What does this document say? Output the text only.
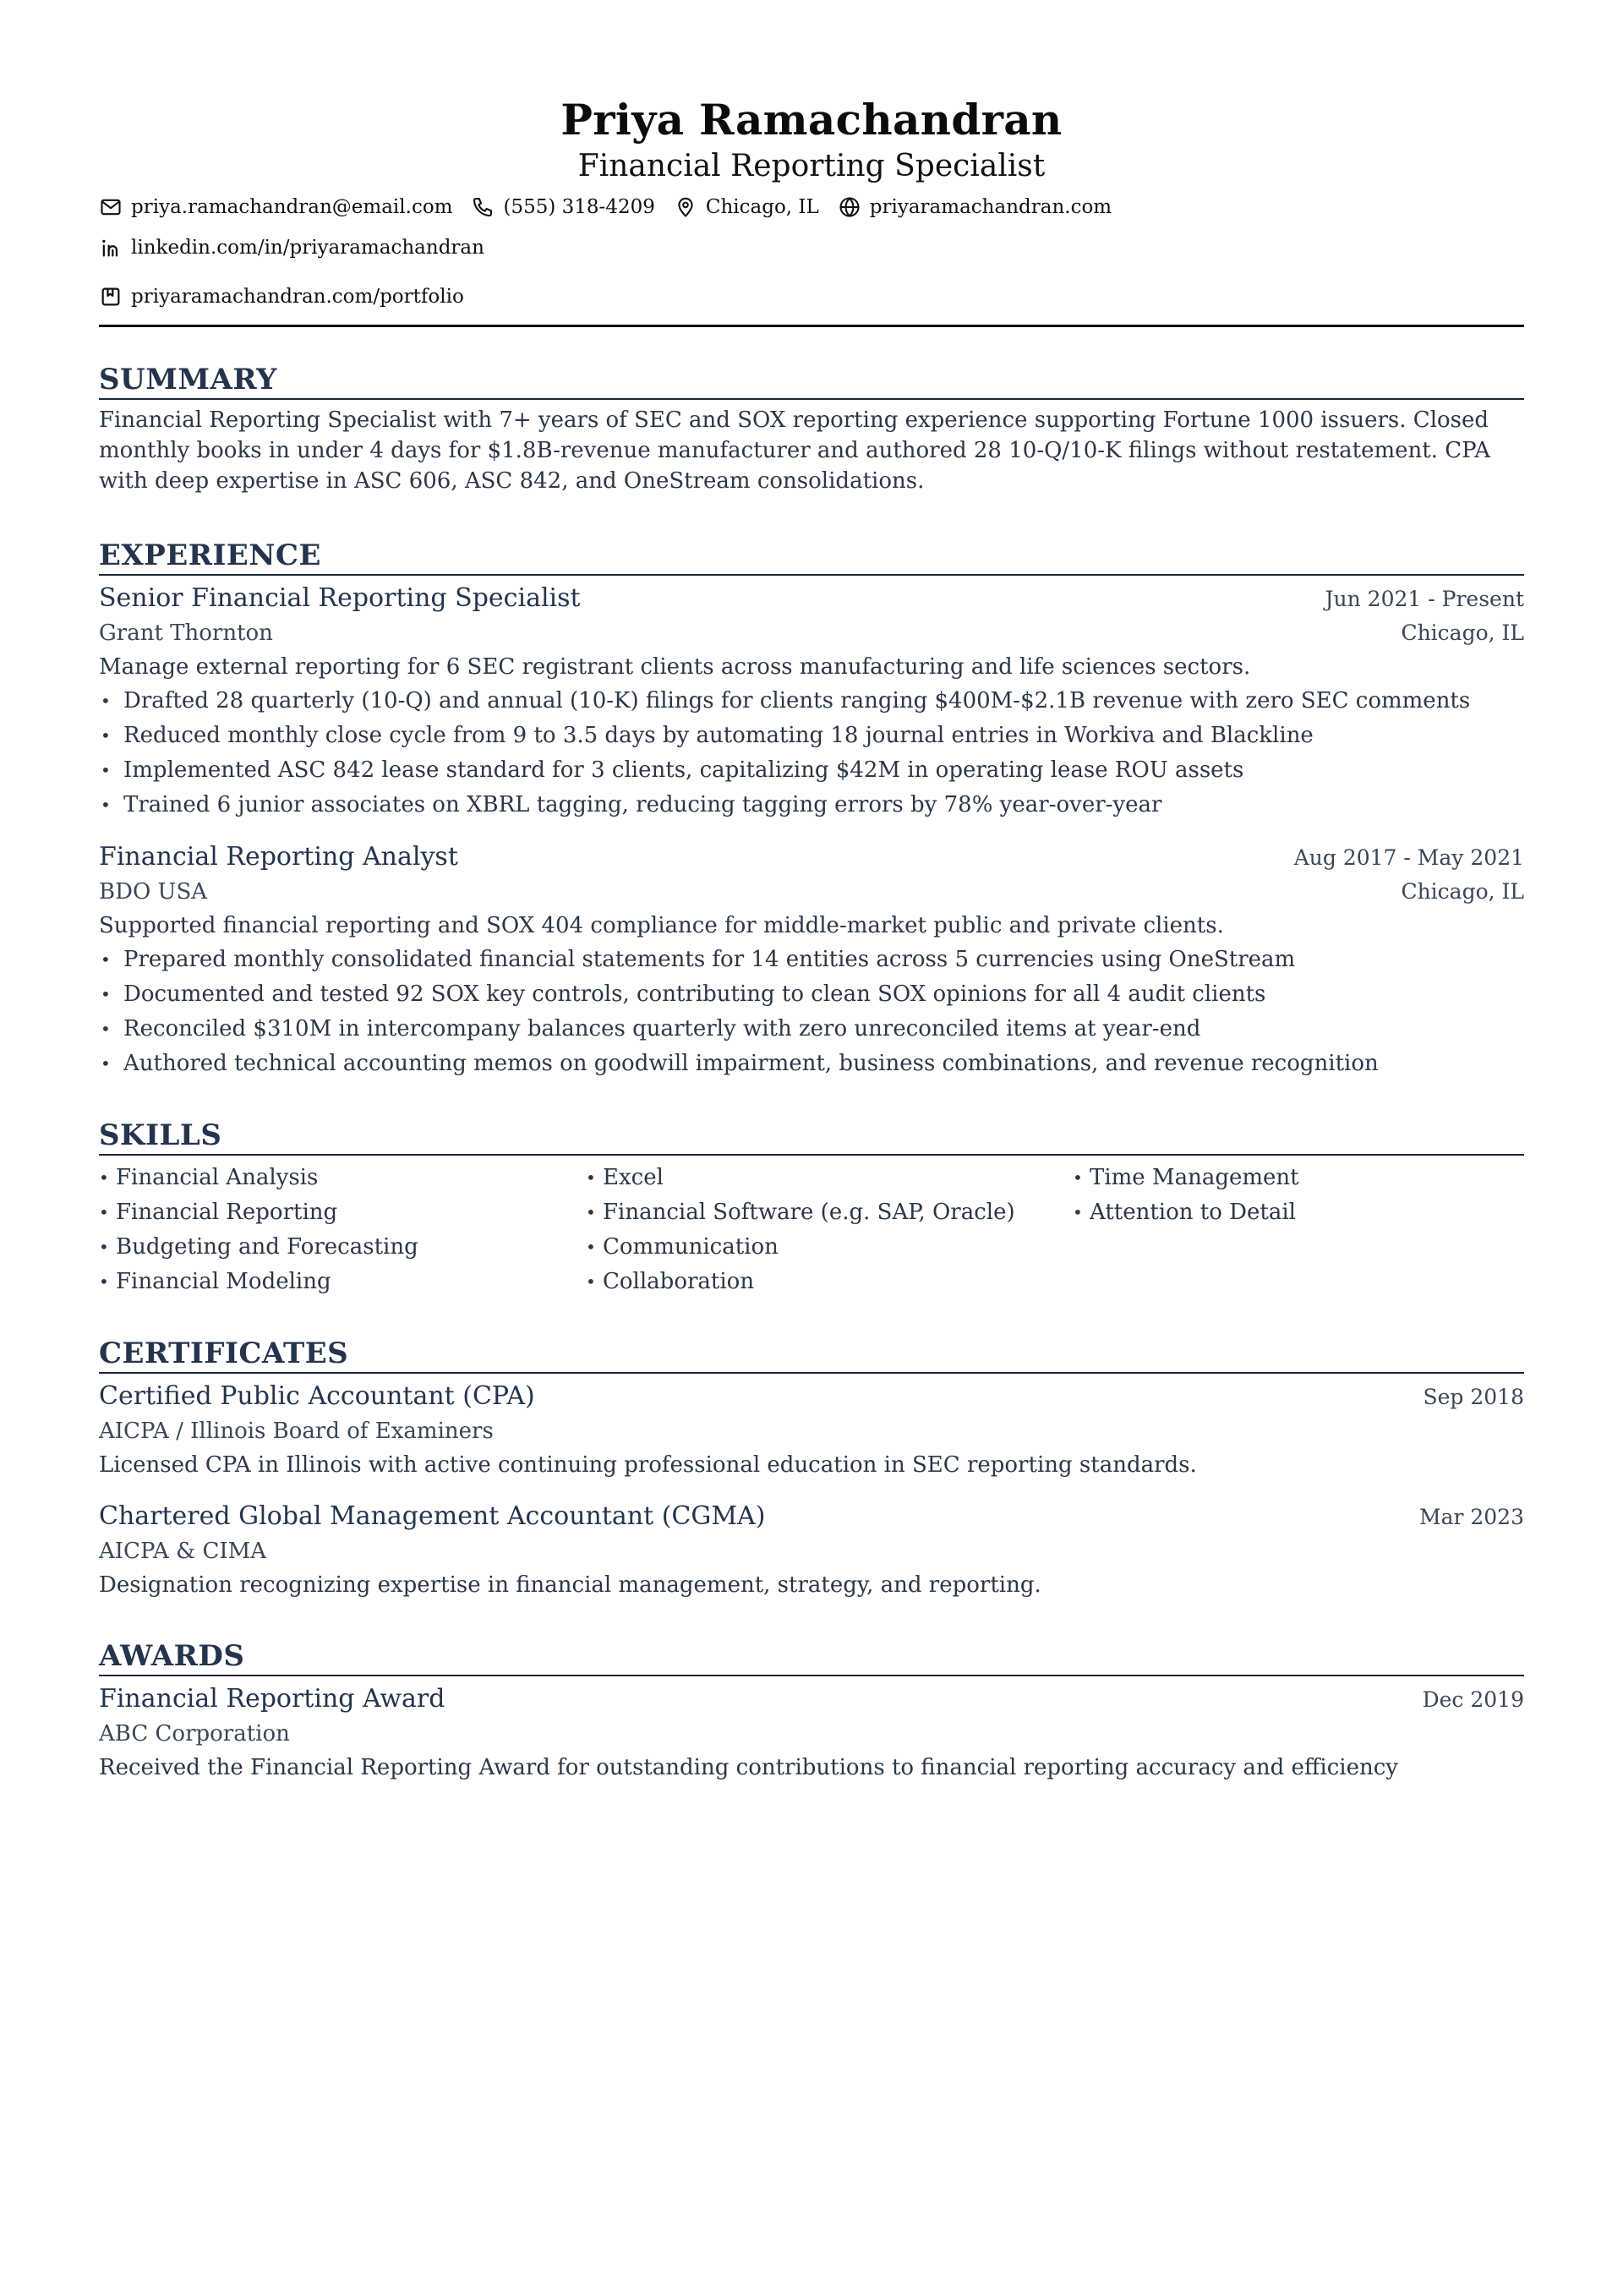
Priya Ramachandran
Financial Reporting Specialist
priya.ramachandran@email.com	(555) 318-4209	Chicago, IL	priyaramachandran.com
linkedin.com/in/priyaramachandran
priyaramachandran.com/portfolio
SUMMARY

Financial Reporting Specialist with 7+ years of SEC and SOX reporting experience supporting Fortune 1000 issuers. Closed monthly books in under 4 days for $1.8B-revenue manufacturer and authored 28 10-Q/10-K filings without restatement. CPA with deep expertise in ASC 606, ASC 842, and OneStream consolidations.

EXPERIENCE
Senior Financial Reporting Specialist	Jun 2021 - Present
Grant Thornton	Chicago, IL
Manage external reporting for 6 SEC registrant clients across manufacturing and life sciences sectors.
• Drafted 28 quarterly (10-Q) and annual (10-K) filings for clients ranging $400M-$2.1B revenue with zero SEC comments
• Reduced monthly close cycle from 9 to 3.5 days by automating 18 journal entries in Workiva and Blackline
• Implemented ASC 842 lease standard for 3 clients, capitalizing $42M in operating lease ROU assets
• Trained 6 junior associates on XBRL tagging, reducing tagging errors by 78% year-over-year
Financial Reporting Analyst	Aug 2017 - May 2021
BDO USA	Chicago, IL
Supported financial reporting and SOX 404 compliance for middle-market public and private clients.
• Prepared monthly consolidated financial statements for 14 entities across 5 currencies using OneStream
• Documented and tested 92 SOX key controls, contributing to clean SOX opinions for all 4 audit clients
• Reconciled $310M in intercompany balances quarterly with zero unreconciled items at year-end
• Authored technical accounting memos on goodwill impairment, business combinations, and revenue recognition
SKILLS
• Financial Analysis
• Financial Reporting
• Budgeting and Forecasting
• Financial Modeling
• Excel
• Financial Software (e.g. SAP, Oracle)
• Communication
• Collaboration
• Time Management
• Attention to Detail
CERTIFICATES
Certified Public Accountant (CPA)	Sep 2018
AICPA / Illinois Board of Examiners
Licensed CPA in Illinois with active continuing professional education in SEC reporting standards.
Chartered Global Management Accountant (CGMA)	Mar 2023
AICPA & CIMA
Designation recognizing expertise in financial management, strategy, and reporting.
AWARDS
Financial Reporting Award	Dec 2019
ABC Corporation
Received the Financial Reporting Award for outstanding contributions to financial reporting accuracy and efficiency
